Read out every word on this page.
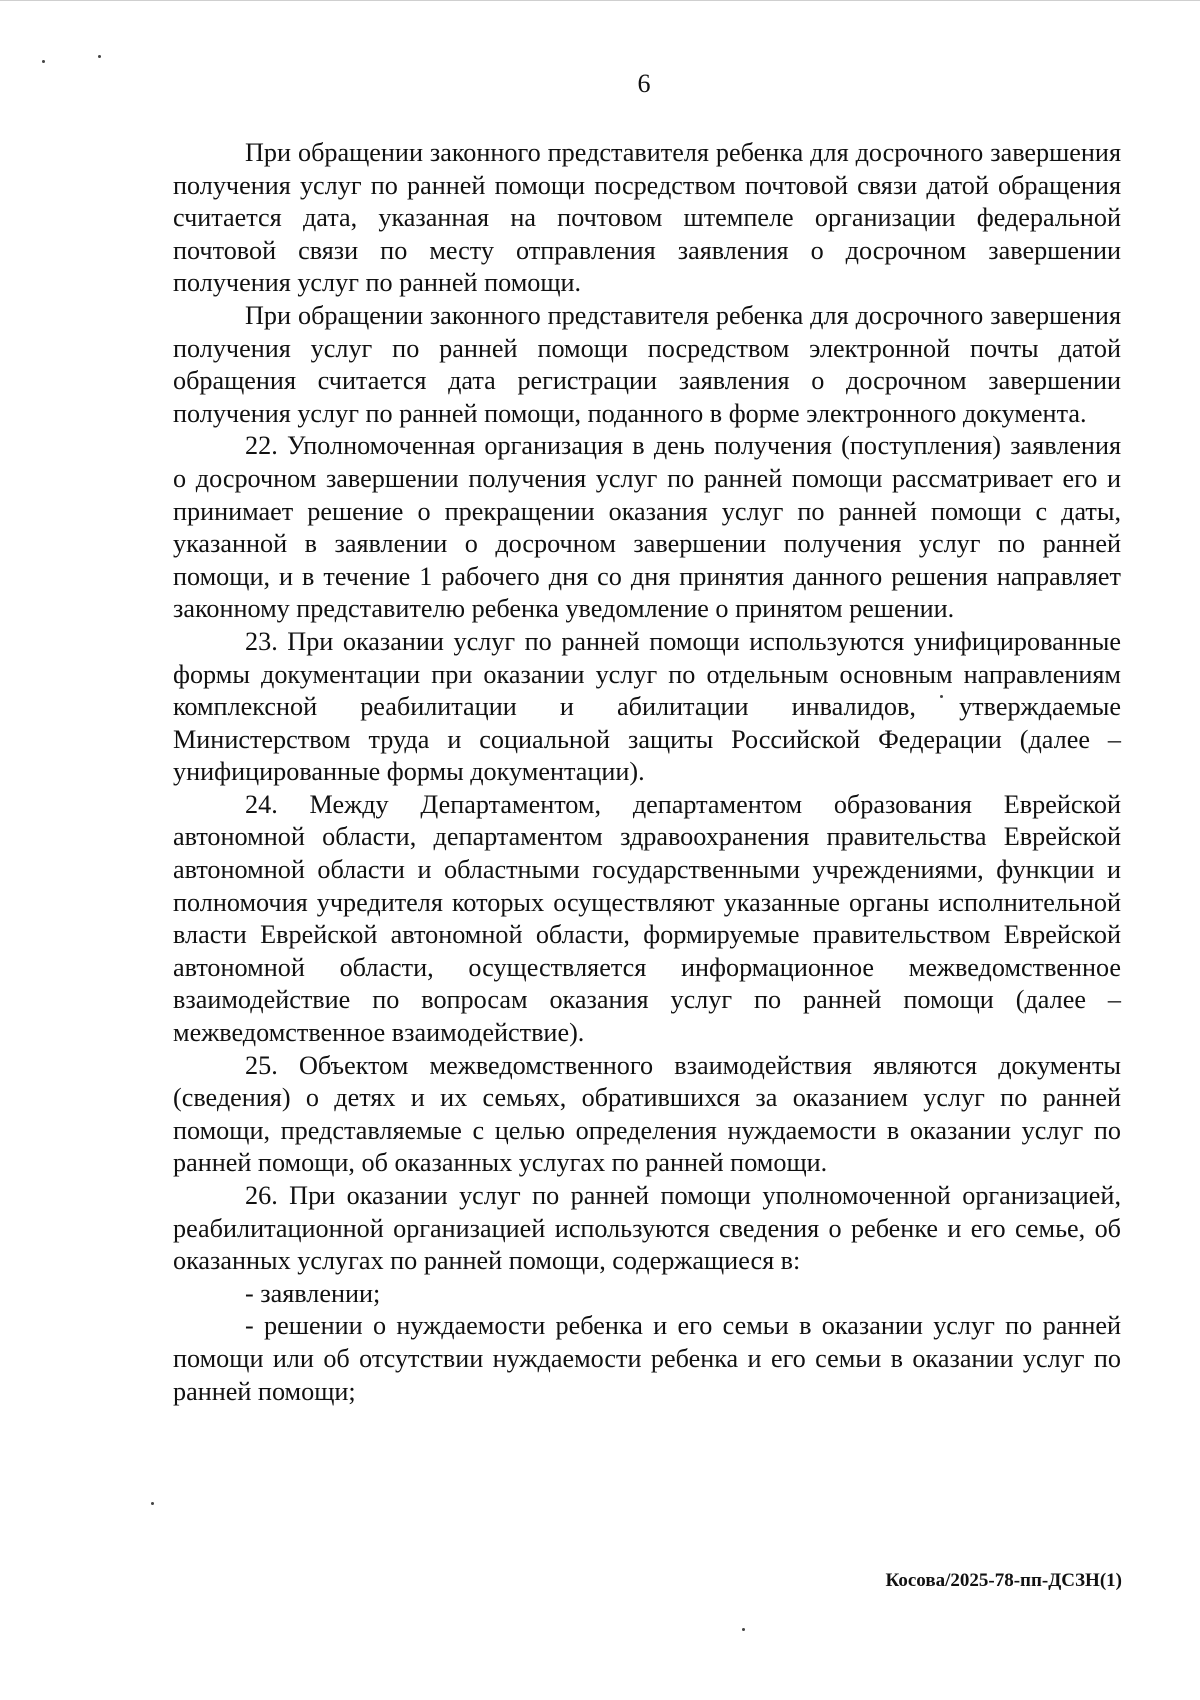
6

При обращении законного представителя ребенка для досрочного завершения получения услуг по ранней помощи посредством почтовой связи датой обращения считается дата, указанная на почтовом штемпеле организации федеральной почтовой связи по месту отправления заявления о досрочном завершении получения услуг по ранней помощи.

При обращении законного представителя ребенка для досрочного завершения получения услуг по ранней помощи посредством электронной почты датой обращения считается дата регистрации заявления о досрочном завершении получения услуг по ранней помощи, поданного в форме электронного документа.

22. Уполномоченная организация в день получения (поступления) заявления о досрочном завершении получения услуг по ранней помощи рассматривает его и принимает решение о прекращении оказания услуг по ранней помощи с даты, указанной в заявлении о досрочном завершении получения услуг по ранней помощи, и в течение 1 рабочего дня со дня принятия данного решения направляет законному представителю ребенка уведомление о принятом решении.

23. При оказании услуг по ранней помощи используются унифицированные формы документации при оказании услуг по отдельным основным направлениям комплексной реабилитации и абилитации инвалидов, утверждаемые Министерством труда и социальной защиты Российской Федерации (далее – унифицированные формы документации).

24. Между Департаментом, департаментом образования Еврейской автономной области, департаментом здравоохранения правительства Еврейской автономной области и областными государственными учреждениями, функции и полномочия учредителя которых осуществляют указанные органы исполнительной власти Еврейской автономной области, формируемые правительством Еврейской автономной области, осуществляется информационное межведомственное взаимодействие по вопросам оказания услуг по ранней помощи (далее – межведомственное взаимодействие).

25. Объектом межведомственного взаимодействия являются документы (сведения) о детях и их семьях, обратившихся за оказанием услуг по ранней помощи, представляемые с целью определения нуждаемости в оказании услуг по ранней помощи, об оказанных услугах по ранней помощи.

26. При оказании услуг по ранней помощи уполномоченной организацией, реабилитационной организацией используются сведения о ребенке и его семье, об оказанных услугах по ранней помощи, содержащиеся в:

- заявлении;

- решении о нуждаемости ребенка и его семьи в оказании услуг по ранней помощи или об отсутствии нуждаемости ребенка и его семьи в оказании услуг по ранней помощи;

Косова/2025-78-пп-ДСЗН(1)
